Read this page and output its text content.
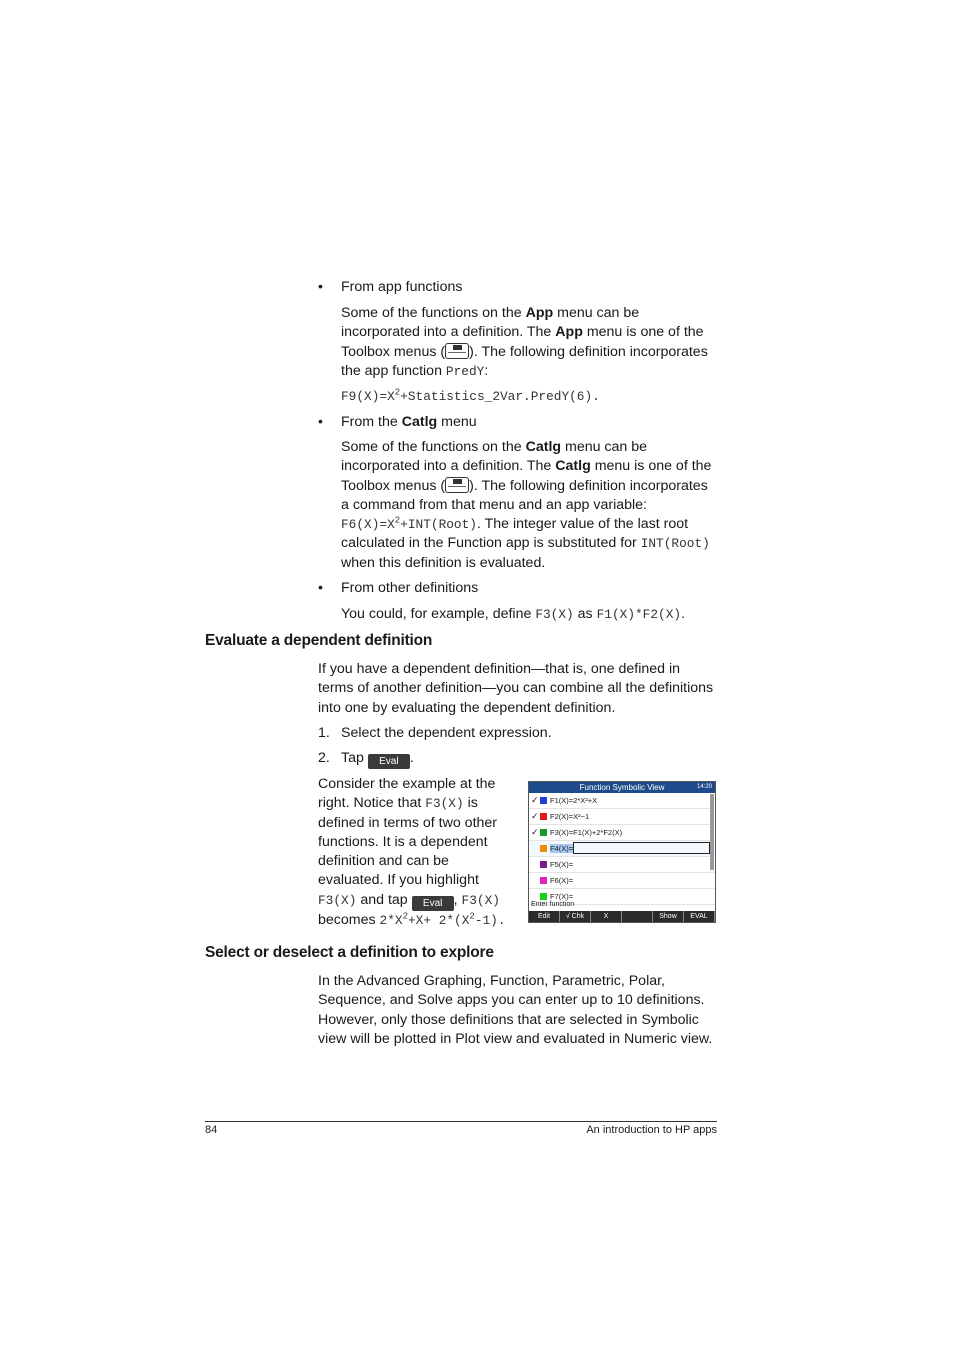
• From app functions
Some of the functions on the App menu can be incorporated into a definition. The App menu is one of the Toolbox menus ( ). The following definition incorporates the app function PredY:
$F9(X)=X^2+Statistics\_2Var.PredY(6)$.
• From the Catlg menu
Some of the functions on the Catlg menu can be incorporated into a definition. The Catlg menu is one of the Toolbox menus ( ). The following definition incorporates a command from that menu and an app variable: $F6(X)=X^2+INT(Root)$. The integer value of the last root calculated in the Function app is substituted for INT(Root) when this definition is evaluated.
• From other definitions
You could, for example, define F3(X) as F1(X)*F2(X).
Evaluate a dependent definition
If you have a dependent definition—that is, one defined in terms of another definition—you can combine all the definitions into one by evaluating the dependent definition.
1. Select the dependent expression.
2. Tap Eval .
Consider the example at the right. Notice that F3(X) is defined in terms of two other functions. It is a dependent definition and can be evaluated. If you highlight F3(X) and tap Eval , F3(X) becomes $2*X^2+X+ 2*(X^2-1)$.
Function Symbolic View	14:20
✓ F1(X)=2*X²+X
✓ F2(X)=X²−1
✓ F3(X)=F1(X)+2*F2(X)
F4(X)=
F5(X)=
F6(X)=
F7(X)=
Enter function
Edit	√ Chk	X	Show	EVAL
Select or deselect a definition to explore
In the Advanced Graphing, Function, Parametric, Polar, Sequence, and Solve apps you can enter up to 10 definitions. However, only those definitions that are selected in Symbolic view will be plotted in Plot view and evaluated in Numeric view.
84	An introduction to HP apps
